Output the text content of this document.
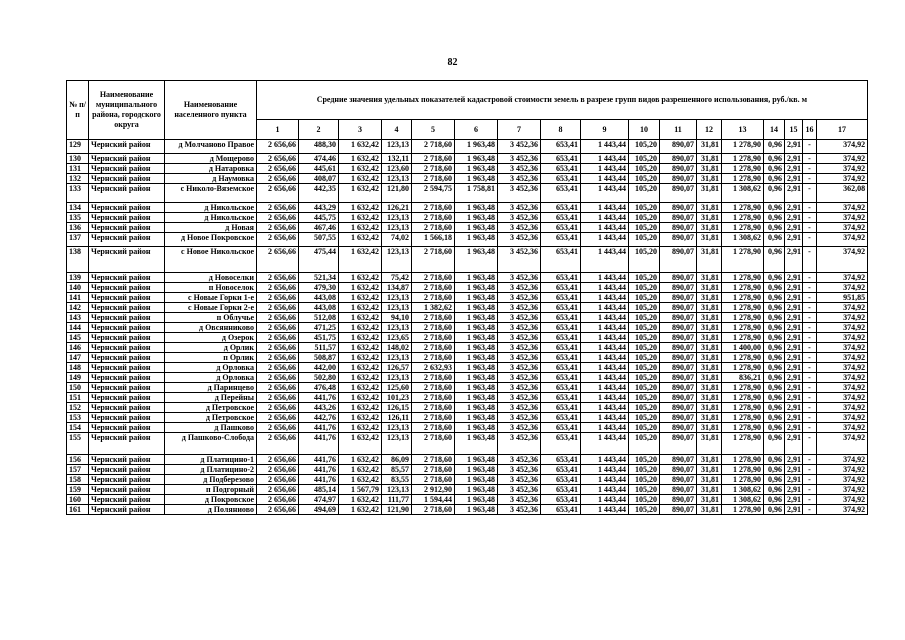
82
№ п/п	Наименование муниципального района, городского округа	Наименование населенного пункта	Средние значения удельных показателей кадастровой стоимости земель в разрезе групп видов разрешенного использования, руб./кв. м																
			1	2	3	4	5	6	7	8	9	10	11	12	13	14	15	16	17
129	Чернский район	д Молчаново Правое	2 656,66	488,30	1 632,42	123,13	2 718,60	1 963,48	3 452,36	653,41	1 443,44	105,20	890,07	31,81	1 278,90	0,96	2,91	-	374,92
130	Чернский район	д Мощерово	2 656,66	474,46	1 632,42	132,11	2 718,60	1 963,48	3 452,36	653,41	1 443,44	105,20	890,07	31,81	1 278,90	0,96	2,91	-	374,92
131	Чернский район	д Натаровка	2 656,66	445,61	1 632,42	123,60	2 718,60	1 963,48	3 452,36	653,41	1 443,44	105,20	890,07	31,81	1 278,90	0,96	2,91	-	374,92
132	Чернский район	д Наумовка	2 656,66	408,07	1 632,42	123,13	2 718,60	1 963,48	3 452,36	653,41	1 443,44	105,20	890,07	31,81	1 278,90	0,96	2,91	-	374,92
133	Чернский район	с Николо-Вяземское	2 656,66	442,35	1 632,42	121,80	2 594,75	1 758,81	3 452,36	653,41	1 443,44	105,20	890,07	31,81	1 308,62	0,96	2,91	-	362,08
134	Чернский район	д Никольское	2 656,66	443,29	1 632,42	126,21	2 718,60	1 963,48	3 452,36	653,41	1 443,44	105,20	890,07	31,81	1 278,90	0,96	2,91	-	374,92
135	Чернский район	д Никольское	2 656,66	445,75	1 632,42	123,13	2 718,60	1 963,48	3 452,36	653,41	1 443,44	105,20	890,07	31,81	1 278,90	0,96	2,91	-	374,92
136	Чернский район	д Новая	2 656,66	467,46	1 632,42	123,13	2 718,60	1 963,48	3 452,36	653,41	1 443,44	105,20	890,07	31,81	1 278,90	0,96	2,91	-	374,92
137	Чернский район	д Новое Покровское	2 656,66	507,55	1 632,42	74,02	1 566,18	1 963,48	3 452,36	653,41	1 443,44	105,20	890,07	31,81	1 308,62	0,96	2,91	-	374,92
138	Чернский район	с Новое Никольское	2 656,66	475,44	1 632,42	123,13	2 718,60	1 963,48	3 452,36	653,41	1 443,44	105,20	890,07	31,81	1 278,90	0,96	2,91	-	374,92
139	Чернский район	д Новоселки	2 656,66	521,34	1 632,42	75,42	2 718,60	1 963,48	3 452,36	653,41	1 443,44	105,20	890,07	31,81	1 278,90	0,96	2,91	-	374,92
140	Чернский район	п Новоселок	2 656,66	479,30	1 632,42	134,87	2 718,60	1 963,48	3 452,36	653,41	1 443,44	105,20	890,07	31,81	1 278,90	0,96	2,91	-	374,92
141	Чернский район	с Новые Горки 1-е	2 656,66	443,08	1 632,42	123,13	2 718,60	1 963,48	3 452,36	653,41	1 443,44	105,20	890,07	31,81	1 278,90	0,96	2,91	-	951,85
142	Чернский район	с Новые Горки 2-е	2 656,66	443,08	1 632,42	123,13	1 382,62	1 963,48	3 452,36	653,41	1 443,44	105,20	890,07	31,81	1 278,90	0,96	2,91	-	374,92
143	Чернский район	п Облучье	2 656,66	512,08	1 632,42	94,10	2 718,60	1 963,48	3 452,36	653,41	1 443,44	105,20	890,07	31,81	1 278,90	0,96	2,91	-	374,92
144	Чернский район	д Овсянниково	2 656,66	471,25	1 632,42	123,13	2 718,60	1 963,48	3 452,36	653,41	1 443,44	105,20	890,07	31,81	1 278,90	0,96	2,91	-	374,92
145	Чернский район	д Озерок	2 656,66	451,75	1 632,42	123,65	2 718,60	1 963,48	3 452,36	653,41	1 443,44	105,20	890,07	31,81	1 278,90	0,96	2,91	-	374,92
146	Чернский район	д Орлик	2 656,66	511,57	1 632,42	148,02	2 718,60	1 963,48	3 452,36	653,41	1 443,44	105,20	890,07	31,81	1 400,00	0,96	2,91	-	374,92
147	Чернский район	п Орлик	2 656,66	508,87	1 632,42	123,13	2 718,60	1 963,48	3 452,36	653,41	1 443,44	105,20	890,07	31,81	1 278,90	0,96	2,91	-	374,92
148	Чернский район	д Орловка	2 656,66	442,00	1 632,42	126,57	2 632,93	1 963,48	3 452,36	653,41	1 443,44	105,20	890,07	31,81	1 278,90	0,96	2,91	-	374,92
149	Чернский район	д Орловка	2 656,66	502,80	1 632,42	123,13	2 718,60	1 963,48	3 452,36	653,41	1 443,44	105,20	890,07	31,81	836,21	0,96	2,91	-	374,92
150	Чернский район	д Паринцево	2 656,66	476,48	1 632,42	125,60	2 718,60	1 963,48	3 452,36	653,41	1 443,44	105,20	890,07	31,81	1 278,90	0,96	2,91	-	374,92
151	Чернский район	д Перейны	2 656,66	441,76	1 632,42	101,23	2 718,60	1 963,48	3 452,36	653,41	1 443,44	105,20	890,07	31,81	1 278,90	0,96	2,91	-	374,92
152	Чернский район	д Петровское	2 656,66	443,26	1 632,42	126,15	2 718,60	1 963,48	3 452,36	653,41	1 443,44	105,20	890,07	31,81	1 278,90	0,96	2,91	-	374,92
153	Чернский район	д Петровское	2 656,66	442,76	1 632,42	126,11	2 718,60	1 963,48	3 452,36	653,41	1 443,44	105,20	890,07	31,81	1 278,90	0,96	2,91	-	374,92
154	Чернский район	д Пашково	2 656,66	441,76	1 632,42	123,13	2 718,60	1 963,48	3 452,36	653,41	1 443,44	105,20	890,07	31,81	1 278,90	0,96	2,91	-	374,92
155	Чернский район	д Пашково-Слобода	2 656,66	441,76	1 632,42	123,13	2 718,60	1 963,48	3 452,36	653,41	1 443,44	105,20	890,07	31,81	1 278,90	0,96	2,91	-	374,92
156	Чернский район	д Платицино-1	2 656,66	441,76	1 632,42	86,09	2 718,60	1 963,48	3 452,36	653,41	1 443,44	105,20	890,07	31,81	1 278,90	0,96	2,91	-	374,92
157	Чернский район	д Платицино-2	2 656,66	441,76	1 632,42	85,57	2 718,60	1 963,48	3 452,36	653,41	1 443,44	105,20	890,07	31,81	1 278,90	0,96	2,91	-	374,92
158	Чернский район	д Подберезово	2 656,66	441,76	1 632,42	83,55	2 718,60	1 963,48	3 452,36	653,41	1 443,44	105,20	890,07	31,81	1 278,90	0,96	2,91	-	374,92
159	Чернский район	п Подгорный	2 656,66	485,14	1 567,79	123,13	2 912,90	1 963,48	3 452,36	653,41	1 443,44	105,20	890,07	31,81	1 308,62	0,96	2,91	-	374,92
160	Чернский район	д Покровское	2 656,66	474,97	1 632,42	111,77	1 594,44	1 963,48	3 452,36	653,41	1 443,44	105,20	890,07	31,81	1 308,62	0,96	2,91	-	374,92
161	Чернский район	д Поляниово	2 656,66	494,69	1 632,42	121,90	2 718,60	1 963,48	3 452,36	653,41	1 443,44	105,20	890,07	31,81	1 278,90	0,96	2,91	-	374,92
